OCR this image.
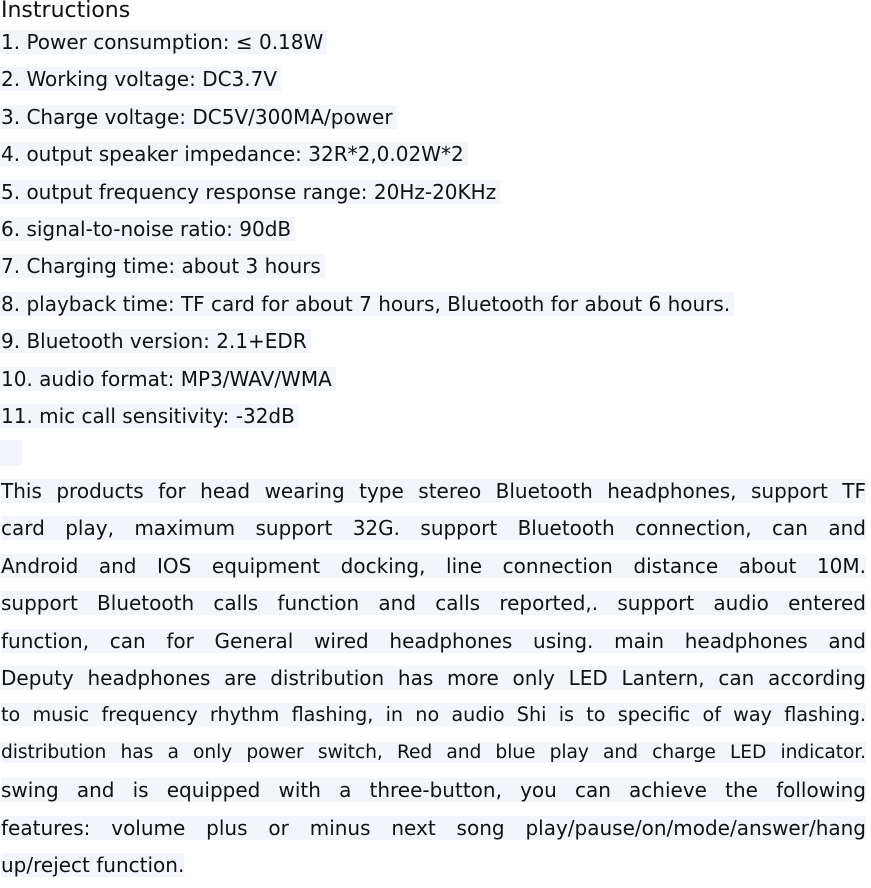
Instructions
1. Power consumption: ≤ 0.18W
2. Working voltage: DC3.7V
3. Charge voltage: DC5V/300MA/power
4. output speaker impedance: 32R*2,0.02W*2
5. output frequency response range: 20Hz-20KHz
6. signal-to-noise ratio: 90dB
7. Charging time: about 3 hours
8. playback time: TF card for about 7 hours, Bluetooth for about 6 hours.
9. Bluetooth version: 2.1+EDR
10. audio format: MP3/WAV/WMA
11. mic call sensitivity: -32dB
This products for head wearing type stereo Bluetooth headphones, support TF
card play, maximum support 32G. support Bluetooth connection, can and
Android and IOS equipment docking, line connection distance about 10M.
support Bluetooth calls function and calls reported,. support audio entered
function, can for General wired headphones using. main headphones and
Deputy headphones are distribution has more only LED Lantern, can according
to music frequency rhythm flashing, in no audio Shi is to specific of way flashing.
distribution has a only power switch, Red and blue play and charge LED indicator.
swing and is equipped with a three-button, you can achieve the following
features: volume plus or minus next song play/pause/on/mode/answer/hang
up/reject function.
